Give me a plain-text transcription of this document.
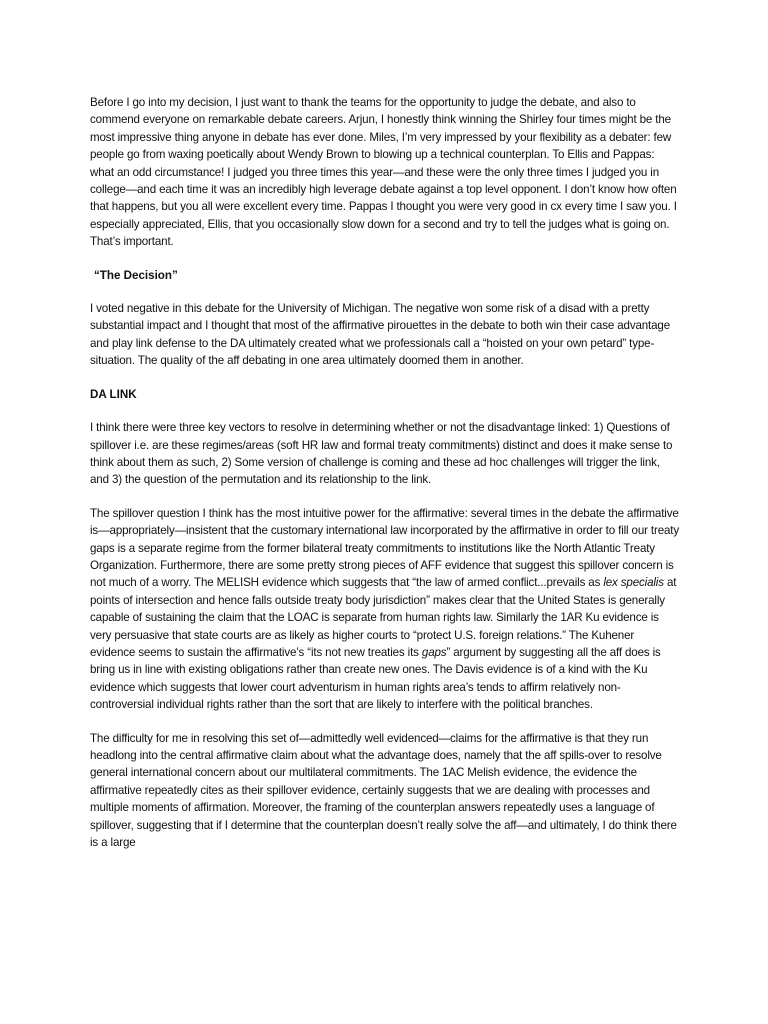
Before I go into my decision, I just want to thank the teams for the opportunity to judge the debate, and also to commend everyone on remarkable debate careers. Arjun, I honestly think winning the Shirley four times might be the most impressive thing anyone in debate has ever done. Miles, I’m very impressed by your flexibility as a debater: few people go from waxing poetically about Wendy Brown to blowing up a technical counterplan. To Ellis and Pappas: what an odd circumstance! I judged you three times this year—and these were the only three times I judged you in college—and each time it was an incredibly high leverage debate against a top level opponent. I don’t know how often that happens, but you all were excellent every time. Pappas I thought you were very good in cx every time I saw you. I especially appreciated, Ellis, that you occasionally slow down for a second and try to tell the judges what is going on. That’s important.

“The Decision”

I voted negative in this debate for the University of Michigan. The negative won some risk of a disad with a pretty substantial impact and I thought that most of the affirmative pirouettes in the debate to both win their case advantage and play link defense to the DA ultimately created what we professionals call a “hoisted on your own petard” type-situation. The quality of the aff debating in one area ultimately doomed them in another.

DA LINK

I think there were three key vectors to resolve in determining whether or not the disadvantage linked: 1) Questions of spillover i.e. are these regimes/areas (soft HR law and formal treaty commitments) distinct and does it make sense to think about them as such, 2) Some version of challenge is coming and these ad hoc challenges will trigger the link, and 3) the question of the permutation and its relationship to the link.

The spillover question I think has the most intuitive power for the affirmative: several times in the debate the affirmative is—appropriately—insistent that the customary international law incorporated by the affirmative in order to fill our treaty gaps is a separate regime from the former bilateral treaty commitments to institutions like the North Atlantic Treaty Organization. Furthermore, there are some pretty strong pieces of AFF evidence that suggest this spillover concern is not much of a worry. The MELISH evidence which suggests that “the law of armed conflict...prevails as lex specialis at points of intersection and hence falls outside treaty body jurisdiction” makes clear that the United States is generally capable of sustaining the claim that the LOAC is separate from human rights law. Similarly the 1AR Ku evidence is very persuasive that state courts are as likely as higher courts to “protect U.S. foreign relations.” The Kuhener evidence seems to sustain the affirmative’s “its not new treaties its gaps” argument by suggesting all the aff does is bring us in line with existing obligations rather than create new ones. The Davis evidence is of a kind with the Ku evidence which suggests that lower court adventurism in human rights area’s tends to affirm relatively non-controversial individual rights rather than the sort that are likely to interfere with the political branches.

The difficulty for me in resolving this set of—admittedly well evidenced—claims for the affirmative is that they run headlong into the central affirmative claim about what the advantage does, namely that the aff spills-over to resolve general international concern about our multilateral commitments. The 1AC Melish evidence, the evidence the affirmative repeatedly cites as their spillover evidence, certainly suggests that we are dealing with processes and multiple moments of affirmation. Moreover, the framing of the counterplan answers repeatedly uses a language of spillover, suggesting that if I determine that the counterplan doesn’t really solve the aff—and ultimately, I do think there is a large
